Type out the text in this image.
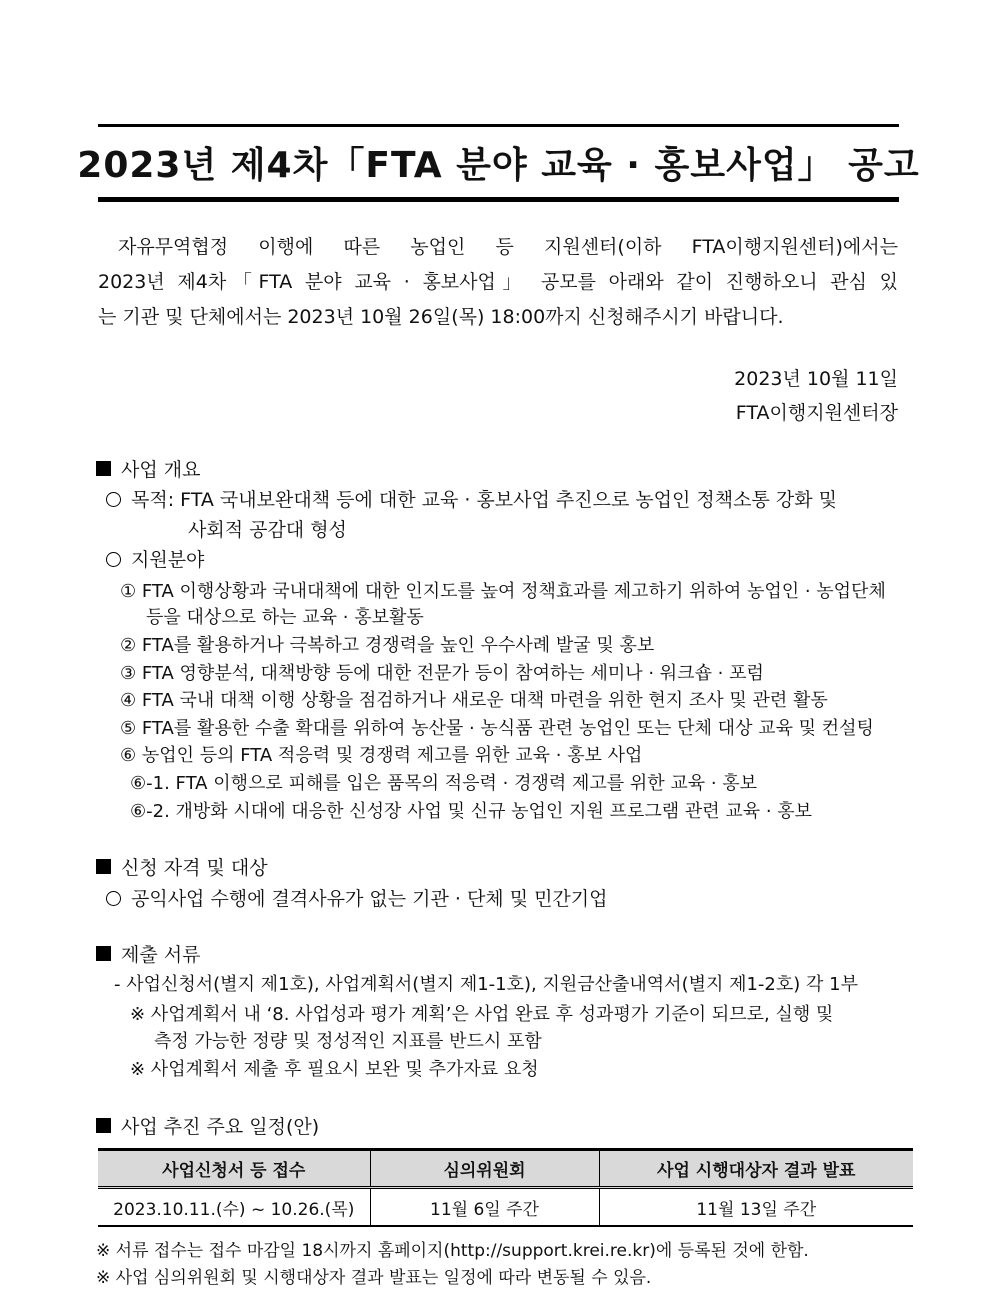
2023년 제4차「FTA 분야 교육 · 홍보사업」 공고
자유무역협정 이행에 따른 농업인 등 지원센터(이하 FTA이행지원센터)에서는
2023년 제4차「FTA 분야 교육 · 홍보사업」 공모를 아래와 같이 진행하오니 관심 있
는 기관 및 단체에서는 2023년 10월 26일(목) 18:00까지 신청해주시기 바랍니다.
2023년 10월 11일
FTA이행지원센터장
사업 개요
목적: FTA 국내보완대책 등에 대한 교육 · 홍보사업 추진으로 농업인 정책소통 강화 및
사회적 공감대 형성
지원분야
① FTA 이행상황과 국내대책에 대한 인지도를 높여 정책효과를 제고하기 위하여 농업인 · 농업단체
등을 대상으로 하는 교육 · 홍보활동
② FTA를 활용하거나 극복하고 경쟁력을 높인 우수사례 발굴 및 홍보
③ FTA 영향분석, 대책방향 등에 대한 전문가 등이 참여하는 세미나 · 워크숍 · 포럼
④ FTA 국내 대책 이행 상황을 점검하거나 새로운 대책 마련을 위한 현지 조사 및 관련 활동
⑤ FTA를 활용한 수출 확대를 위하여 농산물 · 농식품 관련 농업인 또는 단체 대상 교육 및 컨설팅
⑥ 농업인 등의 FTA 적응력 및 경쟁력 제고를 위한 교육 · 홍보 사업
⑥-1. FTA 이행으로 피해를 입은 품목의 적응력 · 경쟁력 제고를 위한 교육 · 홍보
⑥-2. 개방화 시대에 대응한 신성장 사업 및 신규 농업인 지원 프로그램 관련 교육 · 홍보
신청 자격 및 대상
공익사업 수행에 결격사유가 없는 기관 · 단체 및 민간기업
제출 서류
- 사업신청서(별지 제1호), 사업계획서(별지 제1-1호), 지원금산출내역서(별지 제1-2호) 각 1부
※ 사업계획서 내 ‘8. 사업성과 평가 계획’은 사업 완료 후 성과평가 기준이 되므로, 실행 및
측정 가능한 정량 및 정성적인 지표를 반드시 포함
※ 사업계획서 제출 후 필요시 보완 및 추가자료 요청
사업 추진 주요 일정(안)
사업신청서 등 접수	심의위원회	사업 시행대상자 결과 발표
2023.10.11.(수) ~ 10.26.(목)	11월 6일 주간	11월 13일 주간
※ 서류 접수는 접수 마감일 18시까지 홈페이지(http://support.krei.re.kr)에 등록된 것에 한함.
※ 사업 심의위원회 및 시행대상자 결과 발표는 일정에 따라 변동될 수 있음.
